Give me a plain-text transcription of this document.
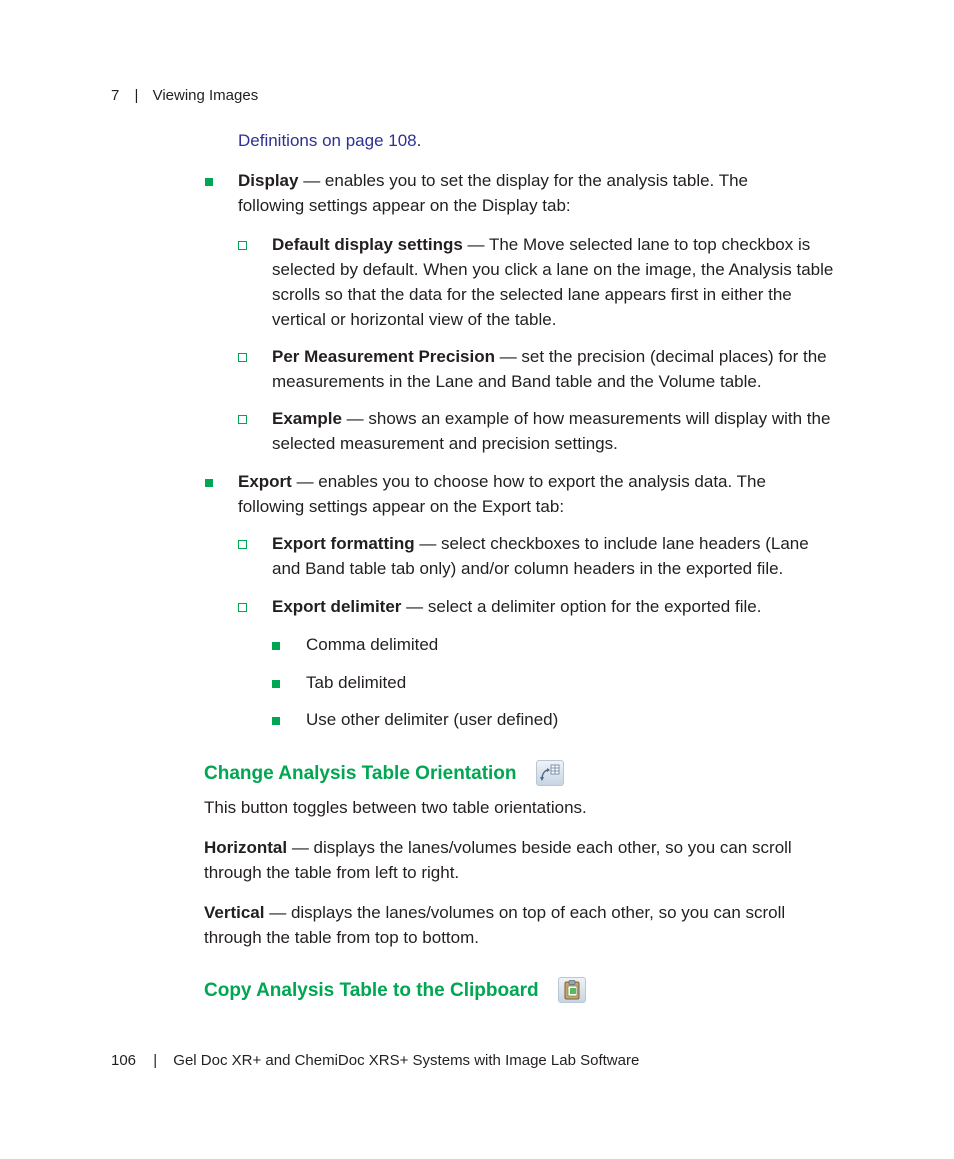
7 | Viewing Images
Definitions on page 108.
Display — enables you to set the display for the analysis table. The
following settings appear on the Display tab:
Default display settings — The Move selected lane to top checkbox is
selected by default. When you click a lane on the image, the Analysis table
scrolls so that the data for the selected lane appears first in either the
vertical or horizontal view of the table.
Per Measurement Precision — set the precision (decimal places) for the
measurements in the Lane and Band table and the Volume table.
Example — shows an example of how measurements will display with the
selected measurement and precision settings.
Export — enables you to choose how to export the analysis data. The
following settings appear on the Export tab:
Export formatting — select checkboxes to include lane headers (Lane
and Band table tab only) and/or column headers in the exported file.
Export delimiter — select a delimiter option for the exported file.
Comma delimited
Tab delimited
Use other delimiter (user defined)
Change Analysis Table Orientation
This button toggles between two table orientations.
Horizontal — displays the lanes/volumes beside each other, so you can scroll
through the table from left to right.
Vertical — displays the lanes/volumes on top of each other, so you can scroll
through the table from top to bottom.
Copy Analysis Table to the Clipboard
106 | Gel Doc XR+ and ChemiDoc XRS+ Systems with Image Lab Software
